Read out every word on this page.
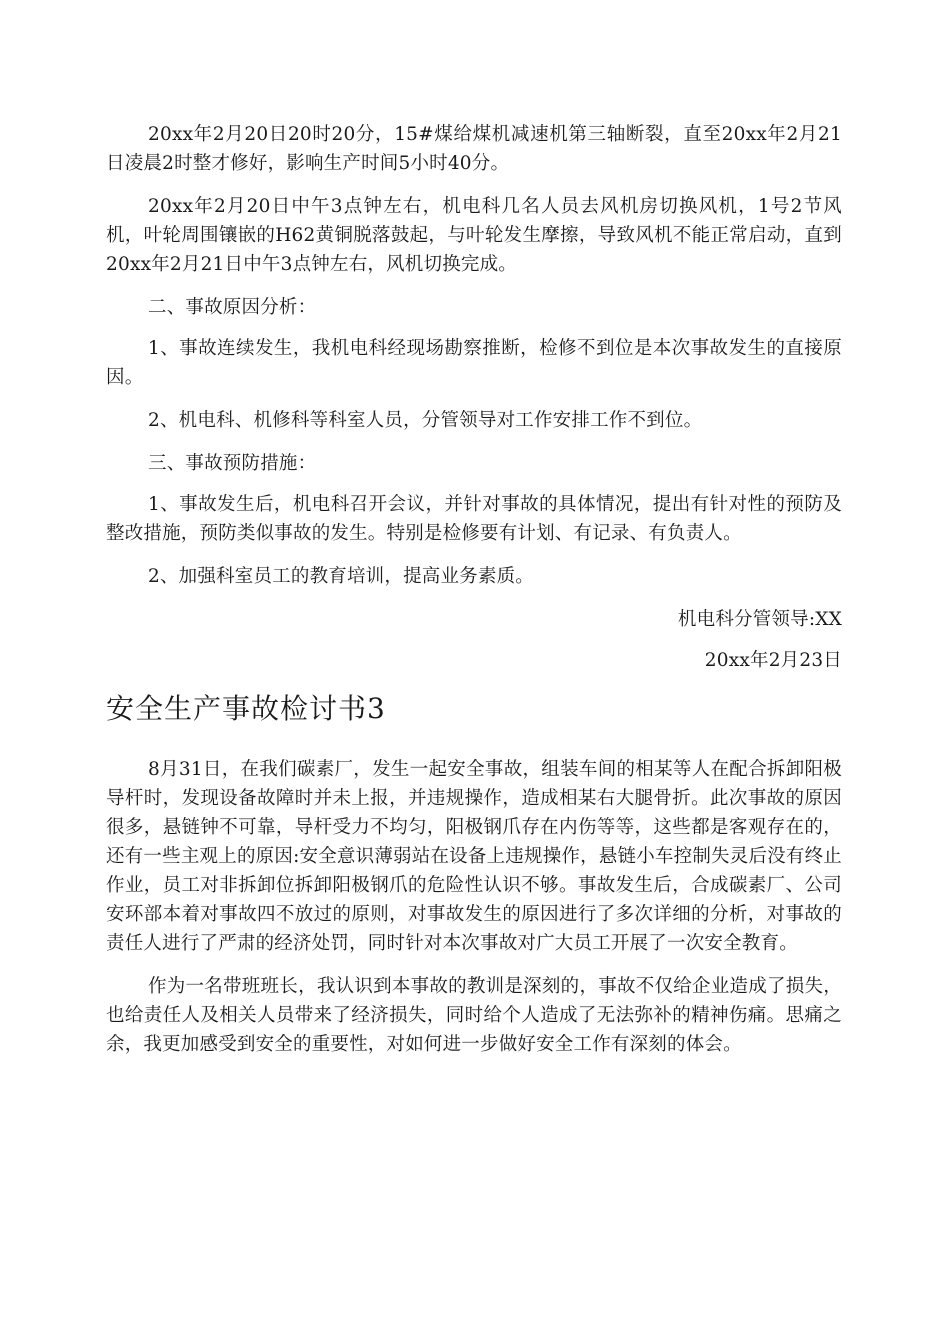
20xx年2月20日20时20分，15#煤给煤机减速机第三轴断裂，直至20xx年2月21日凌晨2时整才修好，影响生产时间5小时40分。

20xx年2月20日中午3点钟左右，机电科几名人员去风机房切换风机，1号2节风机，叶轮周围镶嵌的H62黄铜脱落鼓起，与叶轮发生摩擦，导致风机不能正常启动，直到20xx年2月21日中午3点钟左右，风机切换完成。

二、事故原因分析：

1、事故连续发生，我机电科经现场勘察推断，检修不到位是本次事故发生的直接原因。

2、机电科、机修科等科室人员，分管领导对工作安排工作不到位。

三、事故预防措施：

1、事故发生后，机电科召开会议，并针对事故的具体情况，提出有针对性的预防及整改措施，预防类似事故的发生。特别是检修要有计划、有记录、有负责人。

2、加强科室员工的教育培训，提高业务素质。

机电科分管领导:XX

20xx年2月23日

安全生产事故检讨书3

8月31日，在我们碳素厂，发生一起安全事故，组装车间的相某等人在配合拆卸阳极导杆时，发现设备故障时并未上报，并违规操作，造成相某右大腿骨折。此次事故的原因很多，悬链钟不可靠，导杆受力不均匀，阳极钢爪存在内伤等等，这些都是客观存在的，还有一些主观上的原因:安全意识薄弱站在设备上违规操作，悬链小车控制失灵后没有终止作业，员工对非拆卸位拆卸阳极钢爪的危险性认识不够。事故发生后，合成碳素厂、公司安环部本着对事故四不放过的原则，对事故发生的原因进行了多次详细的分析，对事故的责任人进行了严肃的经济处罚，同时针对本次事故对广大员工开展了一次安全教育。

作为一名带班班长，我认识到本事故的教训是深刻的，事故不仅给企业造成了损失，也给责任人及相关人员带来了经济损失，同时给个人造成了无法弥补的精神伤痛。思痛之余，我更加感受到安全的重要性，对如何进一步做好安全工作有深刻的体会。
